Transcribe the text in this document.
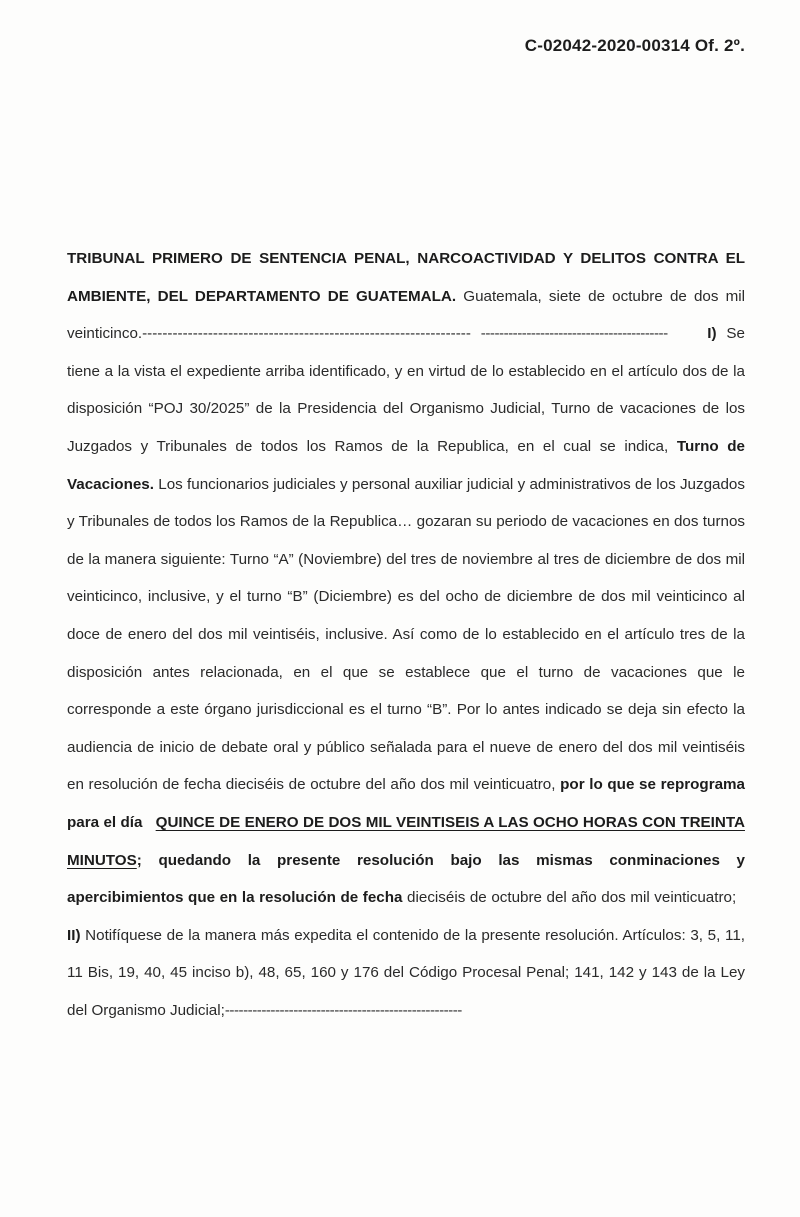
C-02042-2020-00314 Of. 2º.
TRIBUNAL PRIMERO DE SENTENCIA PENAL, NARCOACTIVIDAD Y DELITOS CONTRA EL AMBIENTE, DEL DEPARTAMENTO DE GUATEMALA. Guatemala, siete de octubre de dos mil veinticinco.----------------------------------------------------------------- -----------------------------------------	I) Se tiene a la vista el expediente arriba identificado, y en virtud de lo establecido en el artículo dos de la disposición “POJ 30/2025” de la Presidencia del Organismo Judicial, Turno de vacaciones de los Juzgados y Tribunales de todos los Ramos de la Republica, en el cual se indica, Turno de Vacaciones. Los funcionarios judiciales y personal auxiliar judicial y administrativos de los Juzgados y Tribunales de todos los Ramos de la Republica… gozaran su periodo de vacaciones en dos turnos de la manera siguiente: Turno “A” (Noviembre) del tres de noviembre al tres de diciembre de dos mil veinticinco, inclusive, y el turno “B” (Diciembre) es del ocho de diciembre de dos mil veinticinco al doce de enero del dos mil veintiséis, inclusive. Así como de lo establecido en el artículo tres de la disposición antes relacionada, en el que se establece que el turno de vacaciones que le corresponde a este órgano jurisdiccional es el turno “B”. Por lo antes indicado se deja sin efecto la audiencia de inicio de debate oral y público señalada para el nueve de enero del dos mil veintiséis en resolución de fecha dieciséis de octubre del año dos mil veinticuatro, por lo que se reprograma para el día QUINCE DE ENERO DE DOS MIL VEINTISEIS A LAS OCHO HORAS CON TREINTA MINUTOS; quedando la presente resolución bajo las mismas conminaciones y apercibimientos que en la resolución de fecha dieciséis de octubre del año dos mil veinticuatro;   II) Notifíquese de la manera más expedita el contenido de la presente resolución. Artículos: 3, 5, 11, 11 Bis, 19, 40, 45 inciso b), 48, 65, 160 y 176 del Código Procesal Penal; 141, 142 y 143 de la Ley del Organismo Judicial;----------------------------------------------------
